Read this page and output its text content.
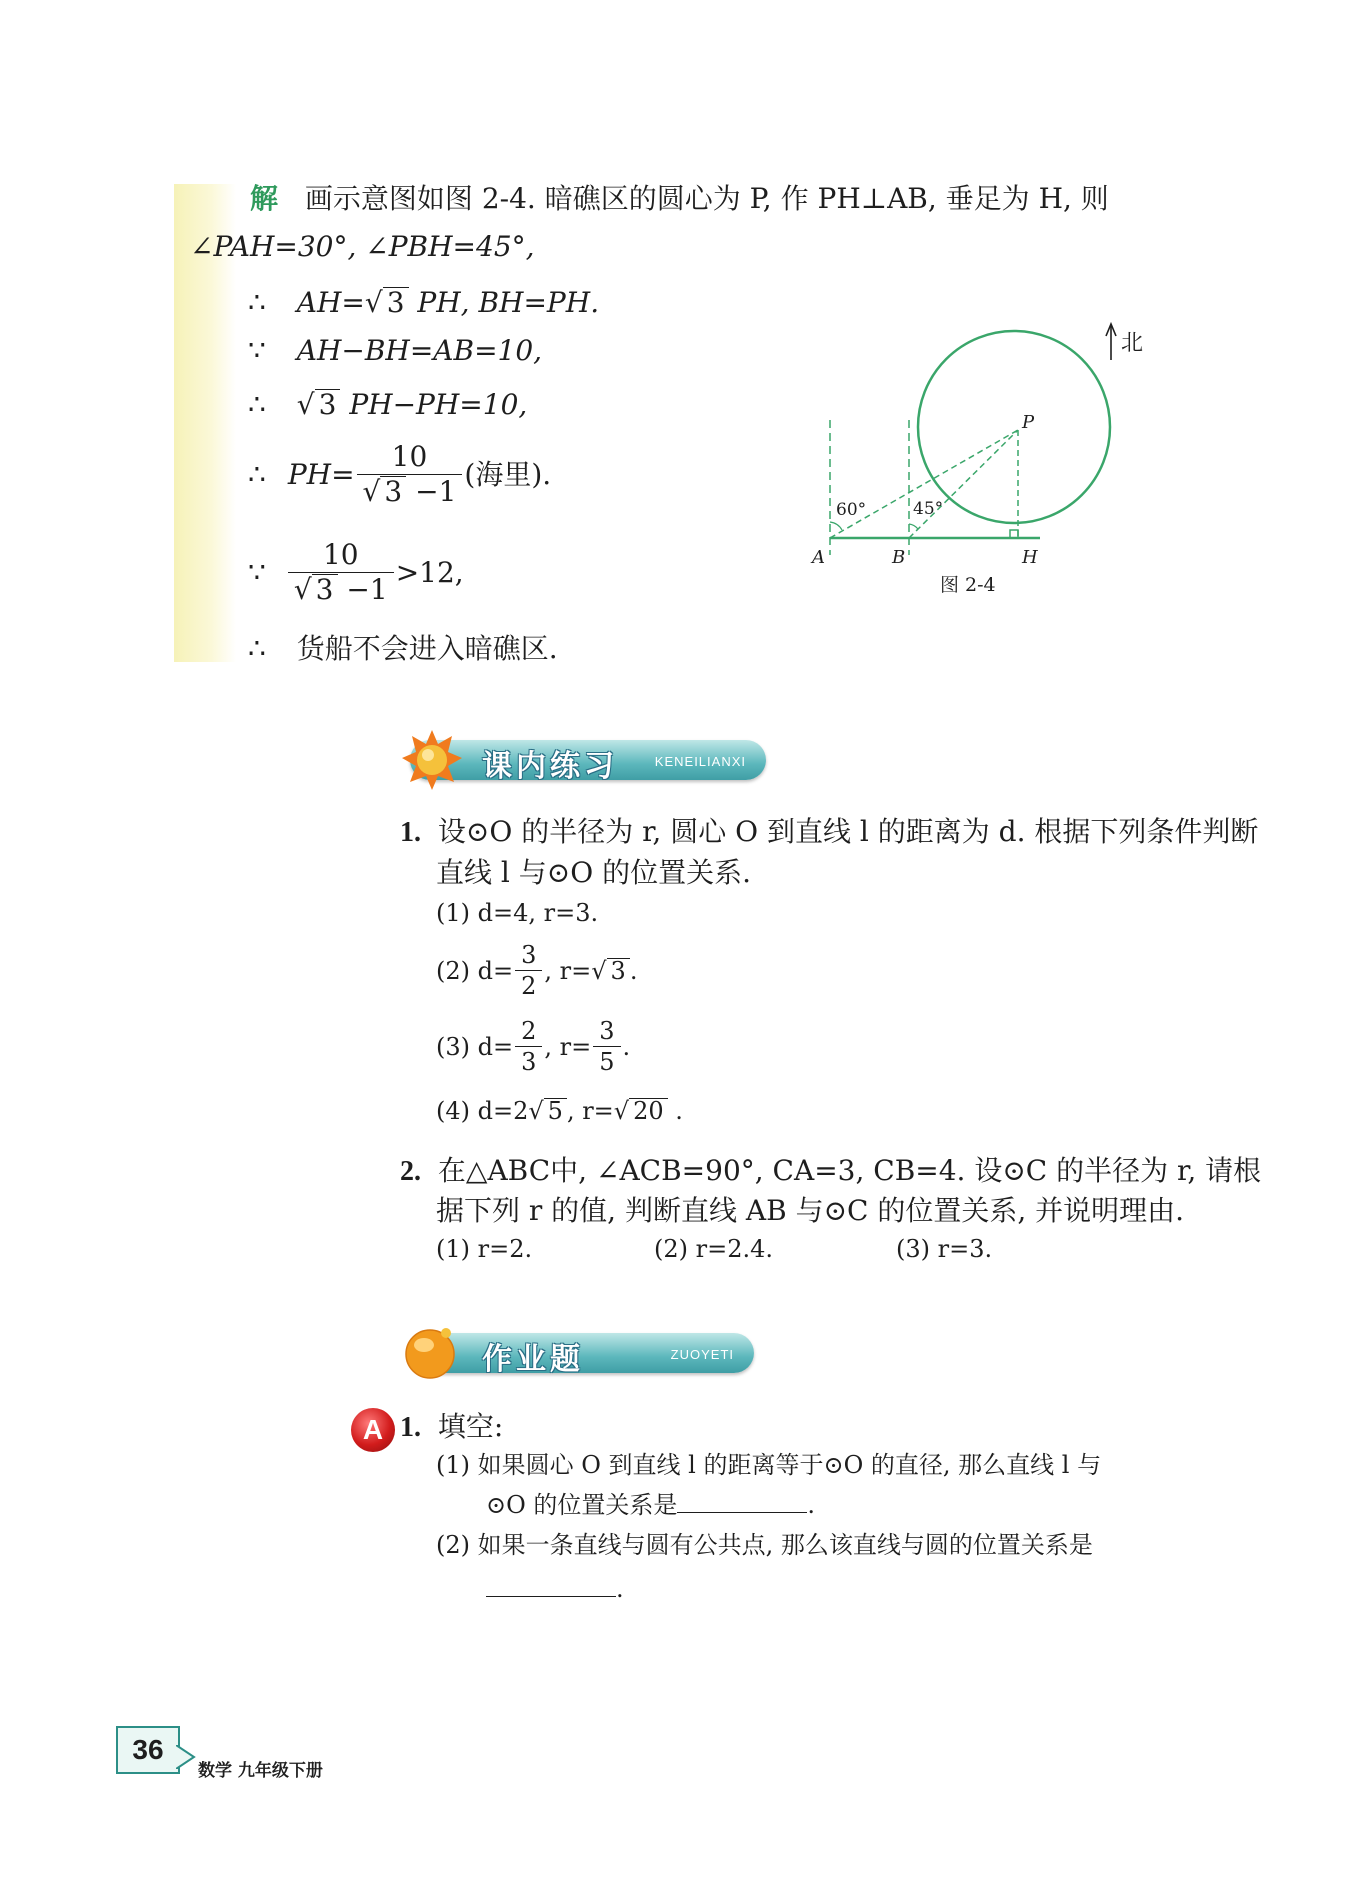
解 画示意图如图 2-4. 暗礁区的圆心为 P, 作 PH⊥AB, 垂足为 H, 则
∠PAH=30°, ∠PBH=45°,
∴ AH=√ 3 PH, BH=PH.
∵ AH−BH=AB=10,
∴ √ 3 PH−PH=10,
∴ $PH= \frac{10}{√ 3 -1}$ (海里).
∵ $\frac{10}{√ 3 -1} >12$,
∴ 货船不会进入暗礁区.
北
P
A	B	H
60°	45°
图 2-4
课内练习	KENEILIANXI
1. 设⊙O 的半径为 r, 圆心 O 到直线 l 的距离为 d. 根据下列条件判断
直线 l 与⊙O 的位置关系.
(1) d=4, r=3.
(2) $d= \frac{3}{2}$ , r= √ 3 .
(3) $d= \frac{2}{3}$ , $r= \frac{3}{5}$ .
(4) d=2√ 5 , r=√ 20 .
2. 在△ABC中, ∠ACB=90°, CA=3, CB=4. 设⊙C 的半径为 r, 请根
据下列 r 的值, 判断直线 AB 与⊙C 的位置关系, 并说明理由.
(1) r=2.	(2) r=2.4.	(3) r=3.
作业题	ZUOYETI
A 1. 填空:
(1) 如果圆心 O 到直线 l 的距离等于⊙O 的直径, 那么直线 l 与
⊙O 的位置关系是	.
(2) 如果一条直线与圆有公共点, 那么该直线与圆的位置关系是
.
36
数学 九年级下册
